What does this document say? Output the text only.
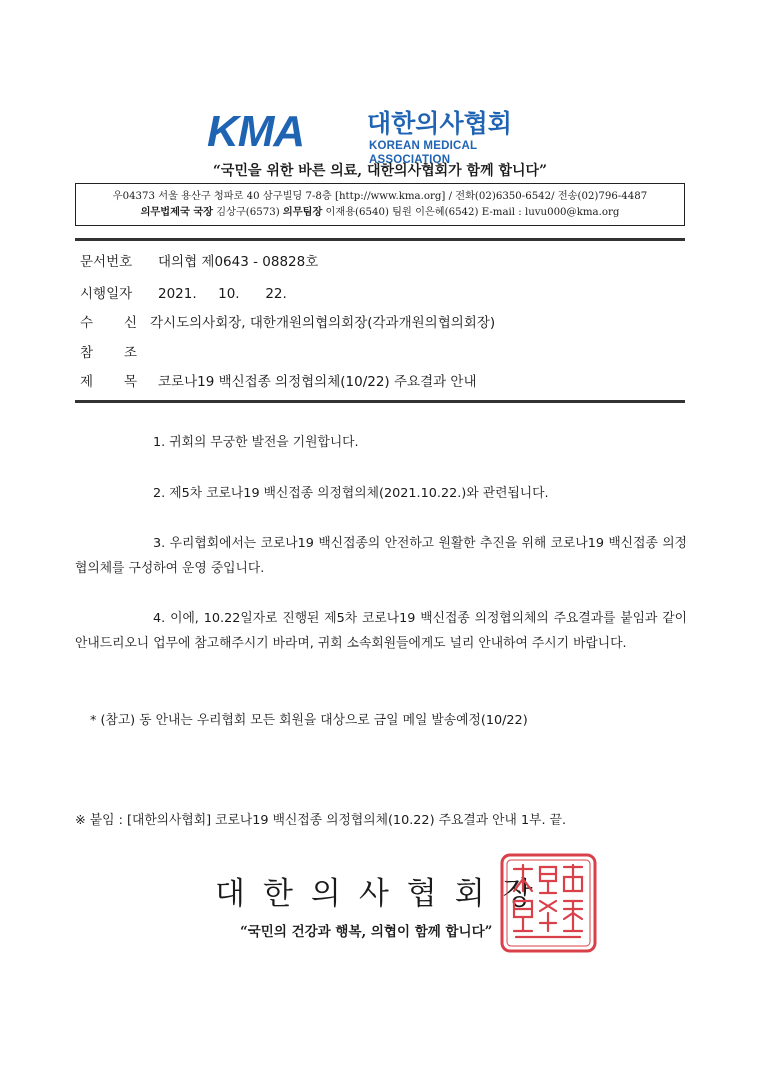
KMA	대한의사협회
KOREAN MEDICAL ASSOCIATION
“국민을 위한 바른 의료, 대한의사협회가 함께 합니다”
우04373 서울 용산구 청파로 40 삼구빌딩 7-8층 [http://www.kma.org] / 전화(02)6350-6542/ 전송(02)796-4487
의무법제국 국장 김상구(6573) 의무팀장 이재용(6540) 팀원 이은혜(6542) E-mail : luvu000@kma.org
문서번호 대의협 제0643 - 08828호
시행일자 2021.     10.      22.
수 신 각시도의사회장, 대한개원의협의회장(각과개원의협의회장)
참 조
제 목 코로나19 백신접종 의정협의체(10/22) 주요결과 안내
1. 귀회의 무궁한 발전을 기원합니다.
2. 제5차 코로나19 백신접종 의정협의체(2021.10.22.)와 관련됩니다.
3. 우리협회에서는 코로나19 백신접종의 안전하고 원활한 추진을 위해 코로나19 백신접종 의정협의체를 구성하여 운영 중입니다.
4. 이에, 10.22일자로 진행된 제5차 코로나19 백신접종 의정협의체의 주요결과를 붙임과 같이 안내드리오니 업무에 참고해주시기 바라며, 귀회 소속회원들에게도 널리 안내하여 주시기 바랍니다.
* (참고) 동 안내는 우리협회 모든 회원을 대상으로 금일 메일 발송예정(10/22)
※ 붙임 : [대한의사협회] 코로나19 백신접종 의정협의체(10.22) 주요결과 안내 1부. 끝.
대한의사협회장
“국민의 건강과 행복, 의협이 함께 합니다”
